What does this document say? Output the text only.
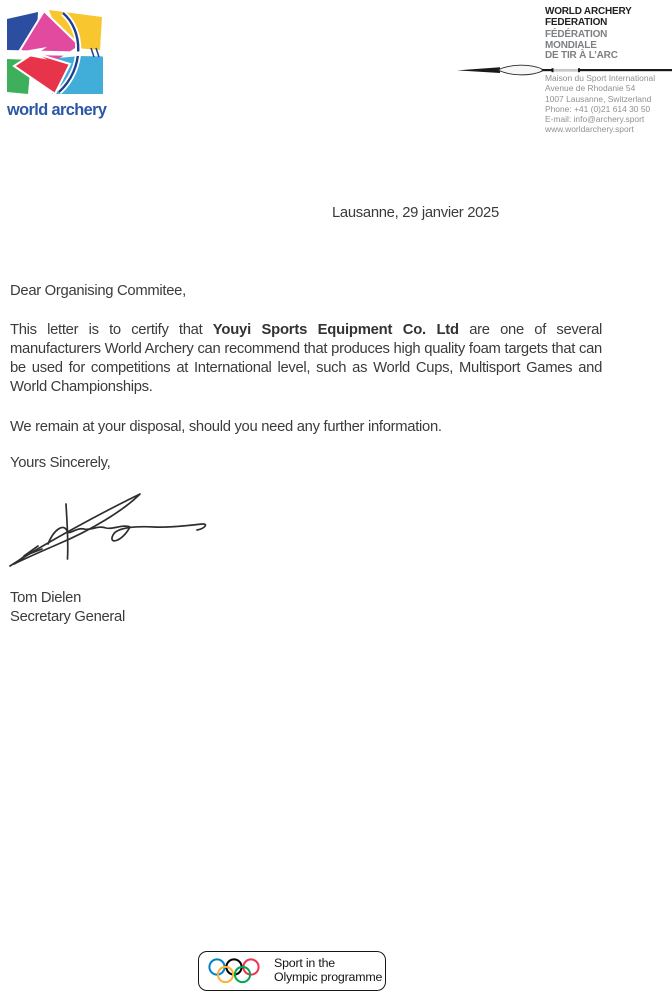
world archery
WORLD ARCHERY
FEDERATION
FÉDÉRATION
MONDIALE
DE TIR À L’ARC
Maison du Sport International
Avenue de Rhodanie 54
1007 Lausanne, Switzerland
Phone: +41 (0)21 614 30 50
E-mail: info@archery.sport
www.worldarchery.sport
Lausanne, 29 janvier 2025
Dear Organising Commitee,

This letter is to certify that Youyi Sports Equipment Co. Ltd are one of several manufacturers World Archery can recommend that produces high quality foam targets that can be used for competitions at International level, such as World Cups, Multisport Games and World Championships.

We remain at your disposal, should you need any further information.

Yours Sincerely,
Tom Dielen
Secretary General
Sport in the
Olympic programme
